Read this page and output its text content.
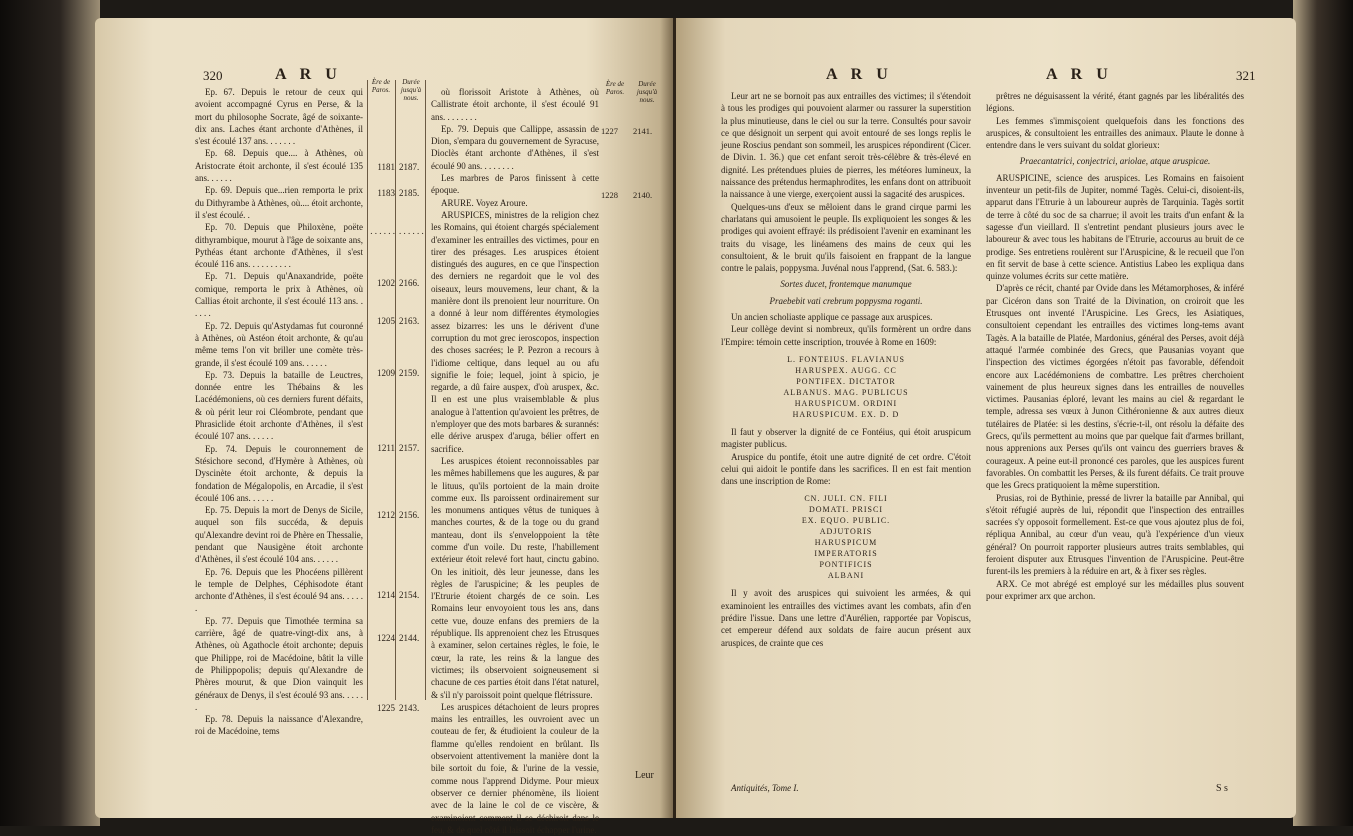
320	A R U

Ep. 67. Depuis le retour de ceux qui avoient accompagné Cyrus en Perse, & la mort du philosophe Socrate, âgé de soixante-dix ans. Laches étant archonte d'Athènes, il s'est écoulé 137 ans. . . . . . .

Ep. 68. Depuis que.... à Athènes, où Aristocrate étoit archonte, il s'est écoulé 135 ans. . . . . .

Ep. 69. Depuis que...rien remporta le prix du Dithyrambe à Athènes, où.... étoit archonte, il s'est écoulé. .

Ep. 70. Depuis que Philoxène, poëte dithyrambique, mourut à l'âge de soixante ans, Pythéas étant archonte d'Athènes, il s'est écoulé 116 ans. . . . . . . . . .

Ep. 71. Depuis qu'Anaxandride, poëte comique, remporta le prix à Athènes, où Callias étoit archonte, il s'est écoulé 113 ans. . . . . .

Ep. 72. Depuis qu'Astydamas fut couronné à Athènes, où Astéon étoit archonte, & qu'au même tems l'on vit briller une comète très-grande, il s'est écoulé 109 ans. . . . . .

Ep. 73. Depuis la bataille de Leuctres, donnée entre les Thébains & les Lacédémoniens, où ces derniers furent défaits, & où périt leur roi Cléombrote, pendant que Phrasiclide étoit archonte d'Athènes, il s'est écoulé 107 ans. . . . . .

Ep. 74. Depuis le couronnement de Stésichore second, d'Hymère à Athènes, où Dyscinète étoit archonte, & depuis la fondation de Mégalopolis, en Arcadie, il s'est écoulé 106 ans. . . . . .

Ep. 75. Depuis la mort de Denys de Sicile, auquel son fils succéda, & depuis qu'Alexandre devint roi de Phère en Thessalie, pendant que Nausigène étoit archonte d'Athènes, il s'est écoulé 104 ans. . . . . .

Ep. 76. Depuis que les Phocéens pillèrent le temple de Delphes, Céphisodote étant archonte d'Athènes, il s'est écoulé 94 ans. . . . . .

Ep. 77. Depuis que Timothée termina sa carrière, âgé de quatre-vingt-dix ans, à Athènes, où Agathocle étoit archonte; depuis que Philippe, roi de Macédoine, bâtit la ville de Philippopolis; depuis qu'Alexandre de Phères mourut, & que Dion vainquit les généraux de Denys, il s'est écoulé 93 ans. . . . . .

Ep. 78. Depuis la naissance d'Alexandre, roi de Macédoine, tems

Ère de Paros.
Durée jusqu'à nous.
1181 2187.
1183 2185.
. . . . . . . . . . . .
1202 2166.
1205 2163.
1209 2159.
1211 2157.
1212 2156.
1214 2154.
1224 2144.
1225 2143.

où florissoit Aristote à Athènes, où Callistrate étoit archonte, il s'est écoulé 91 ans. . . . . . . .

Ep. 79. Depuis que Callippe, assassin de Dion, s'empara du gouvernement de Syracuse, Dioclès étant archonte d'Athènes, il s'est écoulé 90 ans. . . . . . . .

Les marbres de Paros finissent à cette époque.

ARURE. Voyez Aroure.

ARUSPICES, ministres de la religion chez les Romains, qui étoient chargés spécialement d'examiner les entrailles des victimes, pour en tirer des présages. Les aruspices étoient distingués des augures, en ce que l'inspection des derniers ne regardoit que le vol des oiseaux, leurs mouvemens, leur chant, & la manière dont ils prenoient leur nourriture. On a donné à leur nom différentes étymologies assez bizarres: les uns le dérivent d'une corruption du mot grec ieroscopos, inspection des choses sacrées; le P. Pezron a recours à l'idiome celtique, dans lequel au ou afu signifie le foie; lequel, joint à spicio, je regarde, a dû faire auspex, d'où aruspex, &c. Il en est une plus vraisemblable & plus analogue à l'attention qu'avoient les prêtres, de n'employer que des mots barbares & surannés: elle dérive aruspex d'aruga, bélier offert en sacrifice.

Les aruspices étoient reconnoissables par les mêmes habillemens que les augures, & par le lituus, qu'ils portoient de la main droite comme eux. Ils paroissent ordinairement sur les monumens antiques vêtus de tuniques à manches courtes, & de la toge ou du grand manteau, dont ils s'enveloppoient la tête comme d'un voile. Du reste, l'habillement extérieur étoit relevé fort haut, cinctu gabino. On les initioit, dès leur jeunesse, dans les règles de l'aruspicine; & les peuples de l'Etrurie étoient chargés de ce soin. Les Romains leur envoyoient tous les ans, dans cette vue, douze enfans des premiers de la république. Ils apprenoient chez les Etrusques à examiner, selon certaines règles, le foie, le cœur, la rate, les reins & la langue des victimes; ils observoient soigneusement si chacune de ces parties étoit dans l'état naturel, & s'il n'y paroissoit point quelque flétrissure.

Les aruspices détachoient de leurs propres mains les entrailles, les ouvroient avec un couteau de fer, & étudioient la couleur de la flamme qu'elles rendoient en brûlant. Ils observoient attentivement la manière dont la bile sortoit du foie, & l'urine de la vessie, comme nous l'apprend Didyme. Pour mieux observer ce dernier phénomène, ils lioient avec de la laine le col de ce viscère, & examinoient comment il se déchiroit dans le feu, & de quel côté il laissoit échapper l'urine.

Ère de Paros.
Durée jusqu'à nous.
1227 2141.
1228 2140.
Leur
A R U	A R U	321

Leur art ne se bornoit pas aux entrailles des victimes; il s'étendoit à tous les prodiges qui pouvoient alarmer ou rassurer la superstition la plus minutieuse, dans le ciel ou sur la terre. Consultés pour savoir ce que désignoit un serpent qui avoit entouré de ses longs replis le jeune Roscius pendant son sommeil, les aruspices répondirent (Cicer. de Divin. 1. 36.) que cet enfant seroit très-célèbre & très-élevé en dignité. Les prétendues pluies de pierres, les météores lumineux, la naissance des prétendus hermaphrodites, les enfans dont on attribuoit la naissance à une vierge, exerçoient aussi la sagacité des aruspices.

Quelques-uns d'eux se mêloient dans le grand cirque parmi les charlatans qui amusoient le peuple. Ils expliquoient les songes & les prodiges qui avoient effrayé: ils prédisoient l'avenir en examinant les traits du visage, les linéamens des mains de ceux qui les consultoient, & le bruit qu'ils faisoient en frappant de la langue contre le palais, poppysma. Juvénal nous l'apprend, (Sat. 6. 583.):

Sortes ducet, frontemque manumque
Praebebit vati crebrum poppysma roganti.

Un ancien scholiaste applique ce passage aux aruspices.

Leur collège devint si nombreux, qu'ils formèrent un ordre dans l'Empire: témoin cette inscription, trouvée à Rome en 1609:

L. FONTEIUS. FLAVIANUS
HARUSPEX. AUGG. CC
PONTIFEX. DICTATOR
ALBANUS. MAG. PUBLICUS
HARUSPICUM. ORDINI
HARUSPICUM. EX. D. D

Il faut y observer la dignité de ce Fontéius, qui étoit aruspicum magister publicus.

Aruspice du pontife, étoit une autre dignité de cet ordre. C'étoit celui qui aidoit le pontife dans les sacrifices. Il en est fait mention dans une inscription de Rome:

CN. JULI. CN. FILI
DOMATI. PRISCI
EX. EQUO. PUBLIC.
ADJUTORIS
HARUSPICUM
IMPERATORIS
PONTIFICIS
ALBANI

Il y avoit des aruspices qui suivoient les armées, & qui examinoient les entrailles des victimes avant les combats, afin d'en prédire l'issue. Dans une lettre d'Aurélien, rapportée par Vopiscus, cet empereur défend aux soldats de faire aucun présent aux aruspices, de crainte que ces

Antiquités, Tome I.

prêtres ne déguisassent la vérité, étant gagnés par les libéralités des légions.

Les femmes s'immisçoient quelquefois dans les fonctions des aruspices, & consultoient les entrailles des animaux. Plaute le donne à entendre dans le vers suivant du soldat glorieux:

Praecantatrici, conjectrici, ariolae, atque aruspicae.

ARUSPICINE, science des aruspices. Les Romains en faisoient inventeur un petit-fils de Jupiter, nommé Tagès. Celui-ci, disoient-ils, apparut dans l'Etrurie à un laboureur auprès de Tarquinia. Tagès sortit de terre à côté du soc de sa charrue; il avoit les traits d'un enfant & la sagesse d'un vieillard. Il s'entretint pendant plusieurs jours avec le laboureur & avec tous les habitans de l'Etrurie, accourus au bruit de ce prodige. Ses entretiens roulèrent sur l'Aruspicine, & le recueil que l'on en fit servit de base à cette science. Antistius Labeo les expliqua dans quinze volumes écrits sur cette matière.

D'après ce récit, chanté par Ovide dans les Métamorphoses, & inféré par Cicéron dans son Traité de la Divination, on croiroit que les Etrusques ont inventé l'Aruspicine. Les Grecs, les Asiatiques, consultoient cependant les entrailles des victimes long-tems avant Tagès. A la bataille de Platée, Mardonius, général des Perses, avoit déjà attaqué l'armée combinée des Grecs, que Pausanias voyant que l'inspection des victimes égorgées n'étoit pas favorable, défendoit encore aux Lacédémoniens de combattre. Les prêtres cherchoient vainement de plus heureux signes dans les entrailles de nouvelles victimes. Pausanias éploré, levant les mains au ciel & regardant le temple, adressa ses vœux à Junon Cithéronienne & aux autres dieux tutélaires de Platée: si les destins, s'écrie-t-il, ont résolu la défaite des Grecs, qu'ils permettent au moins que par quelque fait d'armes brillant, nous apprenions aux Perses qu'ils ont vaincu des guerriers braves & courageux. A peine eut-il prononcé ces paroles, que les auspices furent favorables. On combattit les Perses, & ils furent défaits. Ce trait prouve que les Grecs pratiquoient la même superstition.

Prusias, roi de Bythinie, pressé de livrer la bataille par Annibal, qui s'étoit réfugié auprès de lui, répondit que l'inspection des entrailles sacrées s'y opposoit formellement. Est-ce que vous ajoutez plus de foi, répliqua Annibal, au cœur d'un veau, qu'à l'expérience d'un vieux général? On pourroit rapporter plusieurs autres traits semblables, qui feroient disputer aux Etrusques l'invention de l'Aruspicine. Peut-être furent-ils les premiers à la réduire en art, & à fixer ses règles.

ARX. Ce mot abrégé est employé sur les médailles plus souvent pour exprimer arx que archon.

S s
